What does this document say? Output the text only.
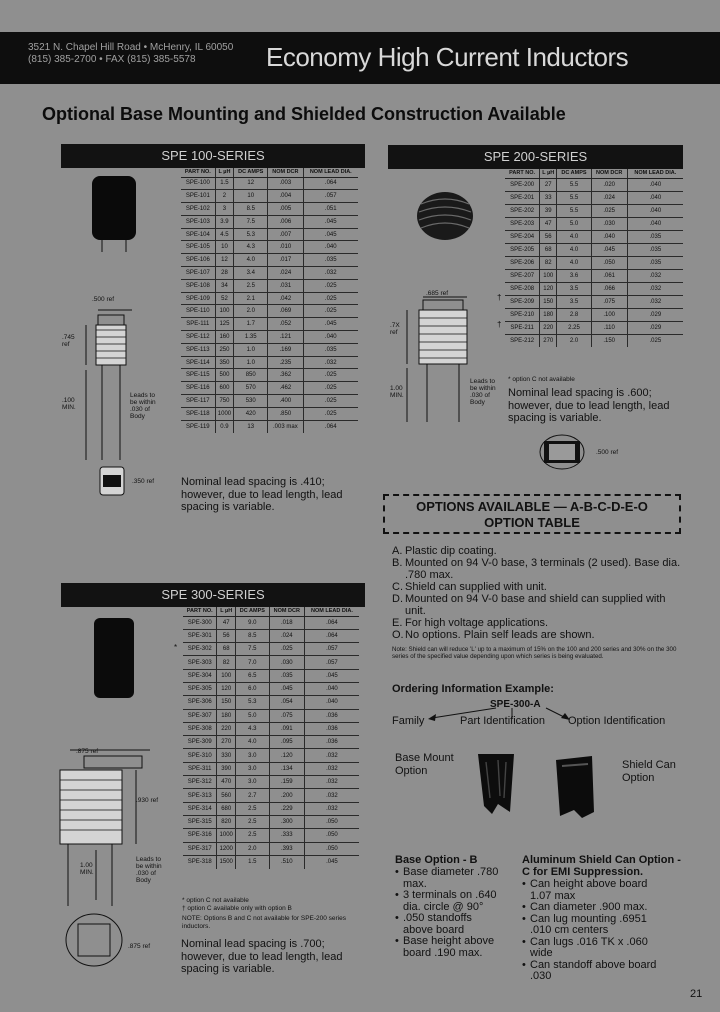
3521 N. Chapel Hill Road • McHenry, IL 60050
(815) 385-2700 • FAX (815) 385-5578	Economy High Current Inductors
Optional Base Mounting and Shielded Construction Available
SPE 100-SERIES
.500 ref
.745 ref
.100 MIN.
Leads to be within .030 of Body
.350 ref
PART NO.	L µH	DC AMPS	NOM DCR	NOM LEAD DIA.
SPE-100	1.5	12	.003	.064
SPE-101	2	10	.004	.057
SPE-102	3	8.5	.005	.051
SPE-103	3.9	7.5	.006	.045
SPE-104	4.5	5.3	.007	.045
SPE-105	10	4.3	.010	.040
SPE-106	12	4.0	.017	.035
SPE-107	28	3.4	.024	.032
SPE-108	34	2.5	.031	.025
SPE-109	52	2.1	.042	.025
SPE-110	100	2.0	.069	.025
SPE-111	125	1.7	.052	.045
SPE-112	160	1.35	.121	.040
SPE-113	250	1.0	.169	.035
SPE-114	350	1.0	.235	.032
SPE-115	500	850	.362	.025
SPE-116	600	570	.462	.025
SPE-117	750	530	.400	.025
SPE-118	1000	420	.850	.025
SPE-119	0.9	13	.003 max	.064
Nominal lead spacing is .410; however, due to lead length, lead spacing is variable.
SPE 200-SERIES
.685 ref
.7X ref
1.00 MIN.
Leads to be within .030 of Body
PART NO.	L µH	DC AMPS	NOM DCR	NOM LEAD DIA.
SPE-200	27	5.5	.020	.040
SPE-201	33	5.5	.024	.040
SPE-202	39	5.5	.025	.040
SPE-203	47	5.0	.030	.040
SPE-204	56	4.0	.040	.035
SPE-205	68	4.0	.045	.035
SPE-206	82	4.0	.050	.035
SPE-207	100	3.6	.061	.032
SPE-208	120	3.5	.066	.032
SPE-209	150	3.5	.075	.032
SPE-210	180	2.8	.100	.029
SPE-211	220	2.25	.110	.029
SPE-212	270	2.0	.150	.025
* option C not available
Nominal lead spacing is .600; however, due to lead length, lead spacing is variable.
.500 ref
OPTIONS AVAILABLE — A-B-C-D-E-O
OPTION TABLE
A. Plastic dip coating.
B. Mounted on 94 V-0 base, 3 terminals (2 used). Base dia. .780 max.
C. Shield can supplied with unit.
D. Mounted on 94 V-0 base and shield can supplied with unit.
E. For high voltage applications.
O. No options. Plain self leads are shown.
Note: Shield can will reduce 'L' up to a maximum of 15% on the 100 and 200 series and 30% on the 300 series of the specified value depending upon which series is being evaluated.
Ordering Information Example:
SPE-300-A
Family	Part Identification Option Identification
Base Mount Option	Shield Can Option
Base Option - B
• Base diameter .780 max.
• 3 terminals on .640 dia. circle @ 90°
• .050 standoffs above board
• Base height above board .190 max.
Aluminum Shield Can Option - C for EMI Suppression.
• Can height above board 1.07 max
• Can diameter .900 max.
• Can lug mounting .6951 .010 cm centers
• Can lugs .016 TK x .060 wide
• Can standoff above board .030
SPE 300-SERIES
.875 ref
.930 ref
1.00 MIN.
Leads to be within .030 of Body
.875 ref
PART NO.	L µH	DC AMPS	NOM DCR	NOM LEAD DIA.
SPE-300	47	9.0	.018	.064
SPE-301	56	8.5	.024	.064
SPE-302	68	7.5	.025	.057
SPE-303	82	7.0	.030	.057
SPE-304	100	6.5	.035	.045
SPE-305	120	6.0	.045	.040
SPE-306	150	5.3	.054	.040
SPE-307	180	5.0	.075	.036
SPE-308	220	4.3	.091	.036
SPE-309	270	4.0	.095	.036
SPE-310	330	3.0	.120	.032
SPE-311	390	3.0	.134	.032
SPE-312	470	3.0	.159	.032
SPE-313	560	2.7	.200	.032
SPE-314	680	2.5	.229	.032
SPE-315	820	2.5	.300	.050
SPE-316	1000	2.5	.333	.050
SPE-317	1200	2.0	.393	.050
SPE-318	1500	1.5	.510	.045
* option C not available
† option C available only with option B
NOTE: Options B and C not available for SPE-200 series inductors.
Nominal lead spacing is .700; however, due to lead length, lead spacing is variable.
*
†
†
21
